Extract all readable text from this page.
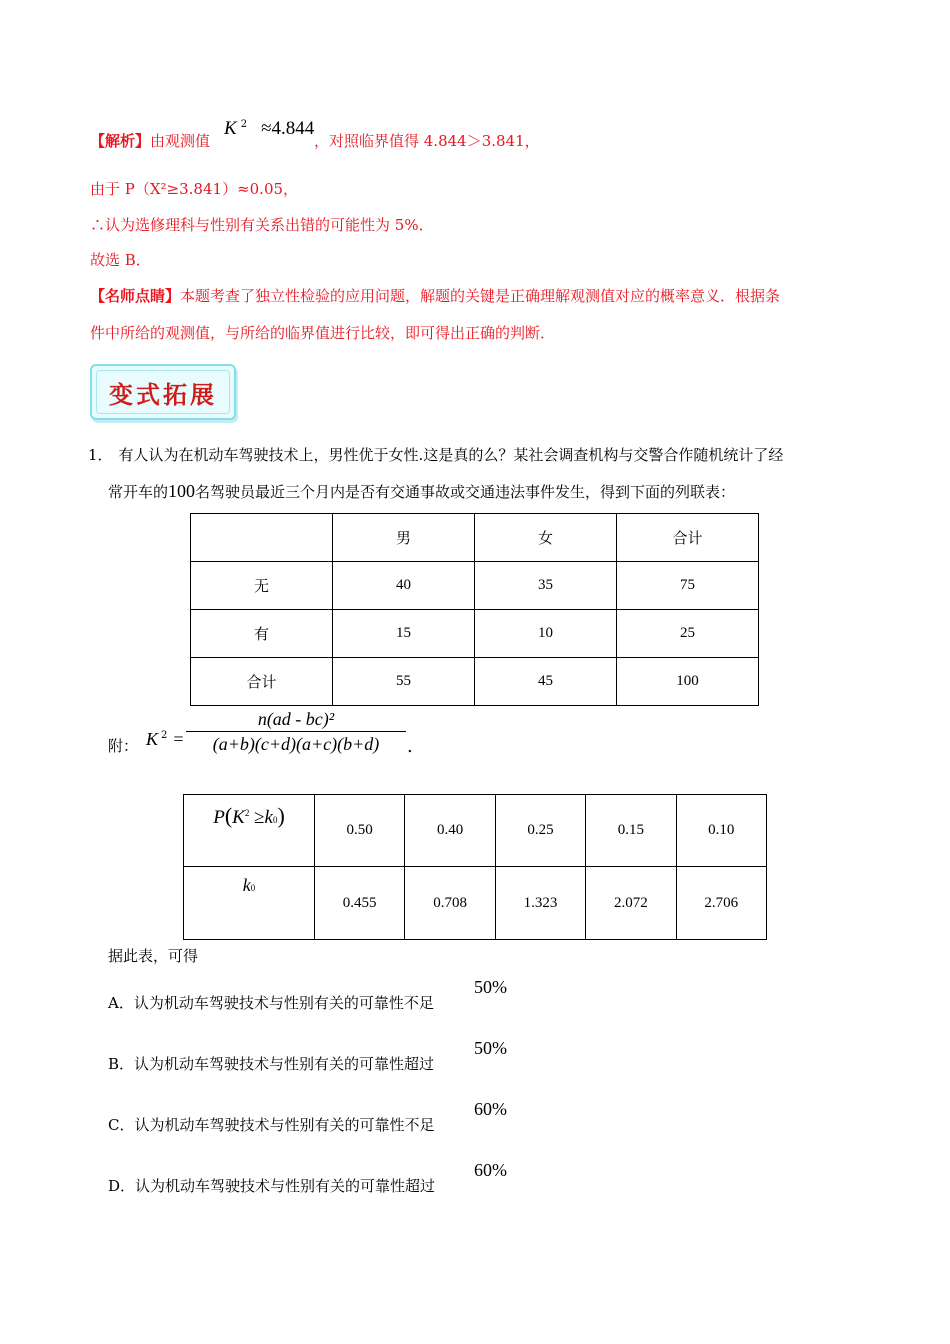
【解析】由观测值
K $^2$ ≈4.844
，对照临界值得 4.844＞3.841，
由于 P（X²≥3.841）≈0.05，
∴认为选修理科与性别有关系出错的可能性为 5%．
故选 B．
【名师点睛】本题考查了独立性检验的应用问题，解题的关键是正确理解观测值对应的概率意义．根据条
件中所给的观测值，与所给的临界值进行比较，即可得出正确的判断．
变式拓展
1． 有人认为在机动车驾驶技术上，男性优于女性.这是真的么？某社会调查机构与交警合作随机统计了经
常开车的100名驾驶员最近三个月内是否有交通事故或交通违法事件发生，得到下面的列联表：
	男	女	合计
无	40	35	75
有	15	10	25
合计	55	45	100
附： K $^2$ =
n(ad - bc)²
(a+b)(c+d)(a+c)(b+d)	.
$P(K^2 \ge k0)$	0.50	0.40	0.25	0.15	0.10
k0	0.455	0.708	1.323	2.072	2.706
据此表，可得
A．认为机动车驾驶技术与性别有关的可靠性不足
50%
B．认为机动车驾驶技术与性别有关的可靠性超过
50%
C．认为机动车驾驶技术与性别有关的可靠性不足
60%
D．认为机动车驾驶技术与性别有关的可靠性超过
60%
